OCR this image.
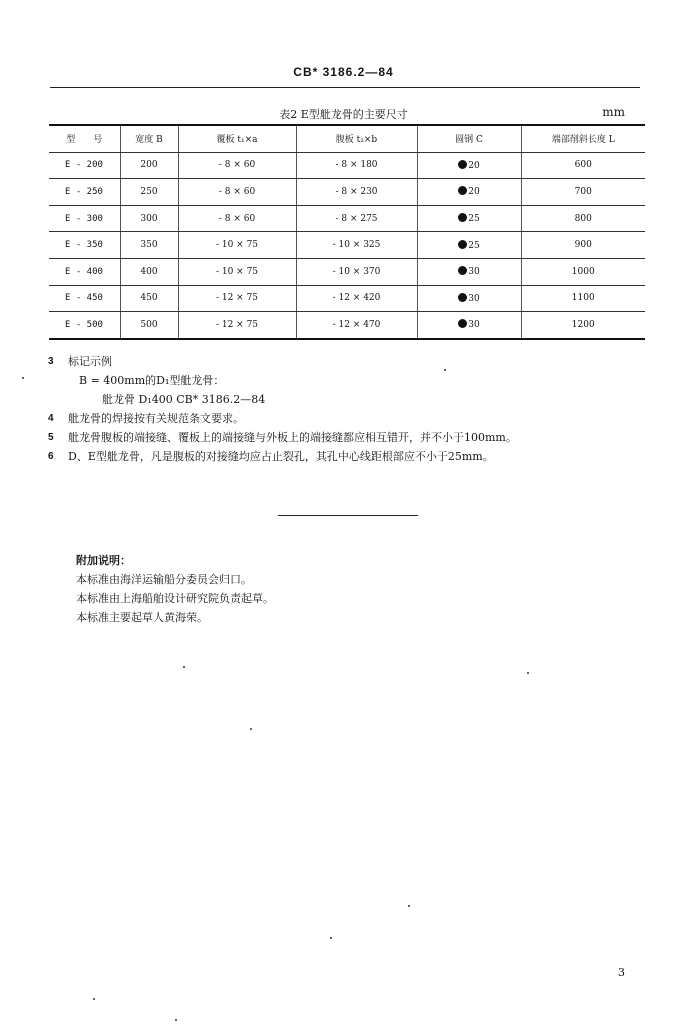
CB* 3186.2—84
表2 E型舭龙骨的主要尺寸	mm
型　　号	宽度 B	覆板 t₁×a	腹板 t₂×b	圆钢 C	端部削斜长度 L
E - 200	200	- 8 × 60	- 8 × 180	20	600
E - 250	250	- 8 × 60	- 8 × 230	20	700
E - 300	300	- 8 × 60	- 8 × 275	25	800
E - 350	350	- 10 × 75	- 10 × 325	25	900
E - 400	400	- 10 × 75	- 10 × 370	30	1000
E - 450	450	- 12 × 75	- 12 × 420	30	1100
E - 500	500	- 12 × 75	- 12 × 470	30	1200
3 标记示例
B = 400mm的D₁型舭龙骨：
舭龙骨 D₁400 CB* 3186.2—84
4 舭龙骨的焊接按有关规范条文要求。
5 舭龙骨腹板的端接缝、覆板上的端接缝与外板上的端接缝都应相互错开，并不小于100mm。
6 D、E型舭龙骨，凡是腹板的对接缝均应占止裂孔，其孔中心线距根部应不小于25mm。
附加说明：
本标准由海洋运输船分委员会归口。
本标准由上海船舶设计研究院负责起草。
本标准主要起草人黄海荣。
3
